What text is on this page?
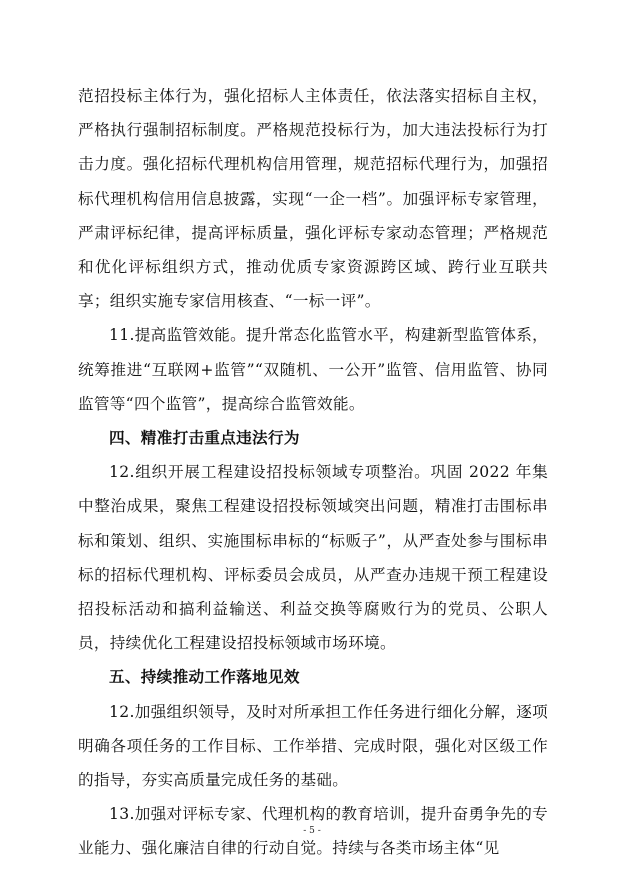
范招投标主体行为，强化招标人主体责任，依法落实招标自主权，严格执行强制招标制度。严格规范投标行为，加大违法投标行为打击力度。强化招标代理机构信用管理，规范招标代理行为，加强招标代理机构信用信息披露，实现“一企一档”。加强评标专家管理，严肃评标纪律，提高评标质量，强化评标专家动态管理；严格规范和优化评标组织方式，推动优质专家资源跨区域、跨行业互联共享；组织实施专家信用核查、“一标一评”。

11.提高监管效能。提升常态化监管水平，构建新型监管体系，统筹推进“互联网+监管”“双随机、一公开”监管、信用监管、协同监管等“四个监管”，提高综合监管效能。

四、精准打击重点违法行为

12.组织开展工程建设招投标领域专项整治。巩固 2022 年集中整治成果，聚焦工程建设招投标领域突出问题，精准打击围标串标和策划、组织、实施围标串标的“标贩子”，从严查处参与围标串标的招标代理机构、评标委员会成员，从严查办违规干预工程建设招投标活动和搞利益输送、利益交换等腐败行为的党员、公职人员，持续优化工程建设招投标领域市场环境。

五、持续推动工作落地见效

12.加强组织领导，及时对所承担工作任务进行细化分解，逐项明确各项任务的工作目标、工作举措、完成时限，强化对区级工作的指导，夯实高质量完成任务的基础。

13.加强对评标专家、代理机构的教育培训，提升奋勇争先的专业能力、强化廉洁自律的行动自觉。持续与各类市场主体“见

- 5 -
